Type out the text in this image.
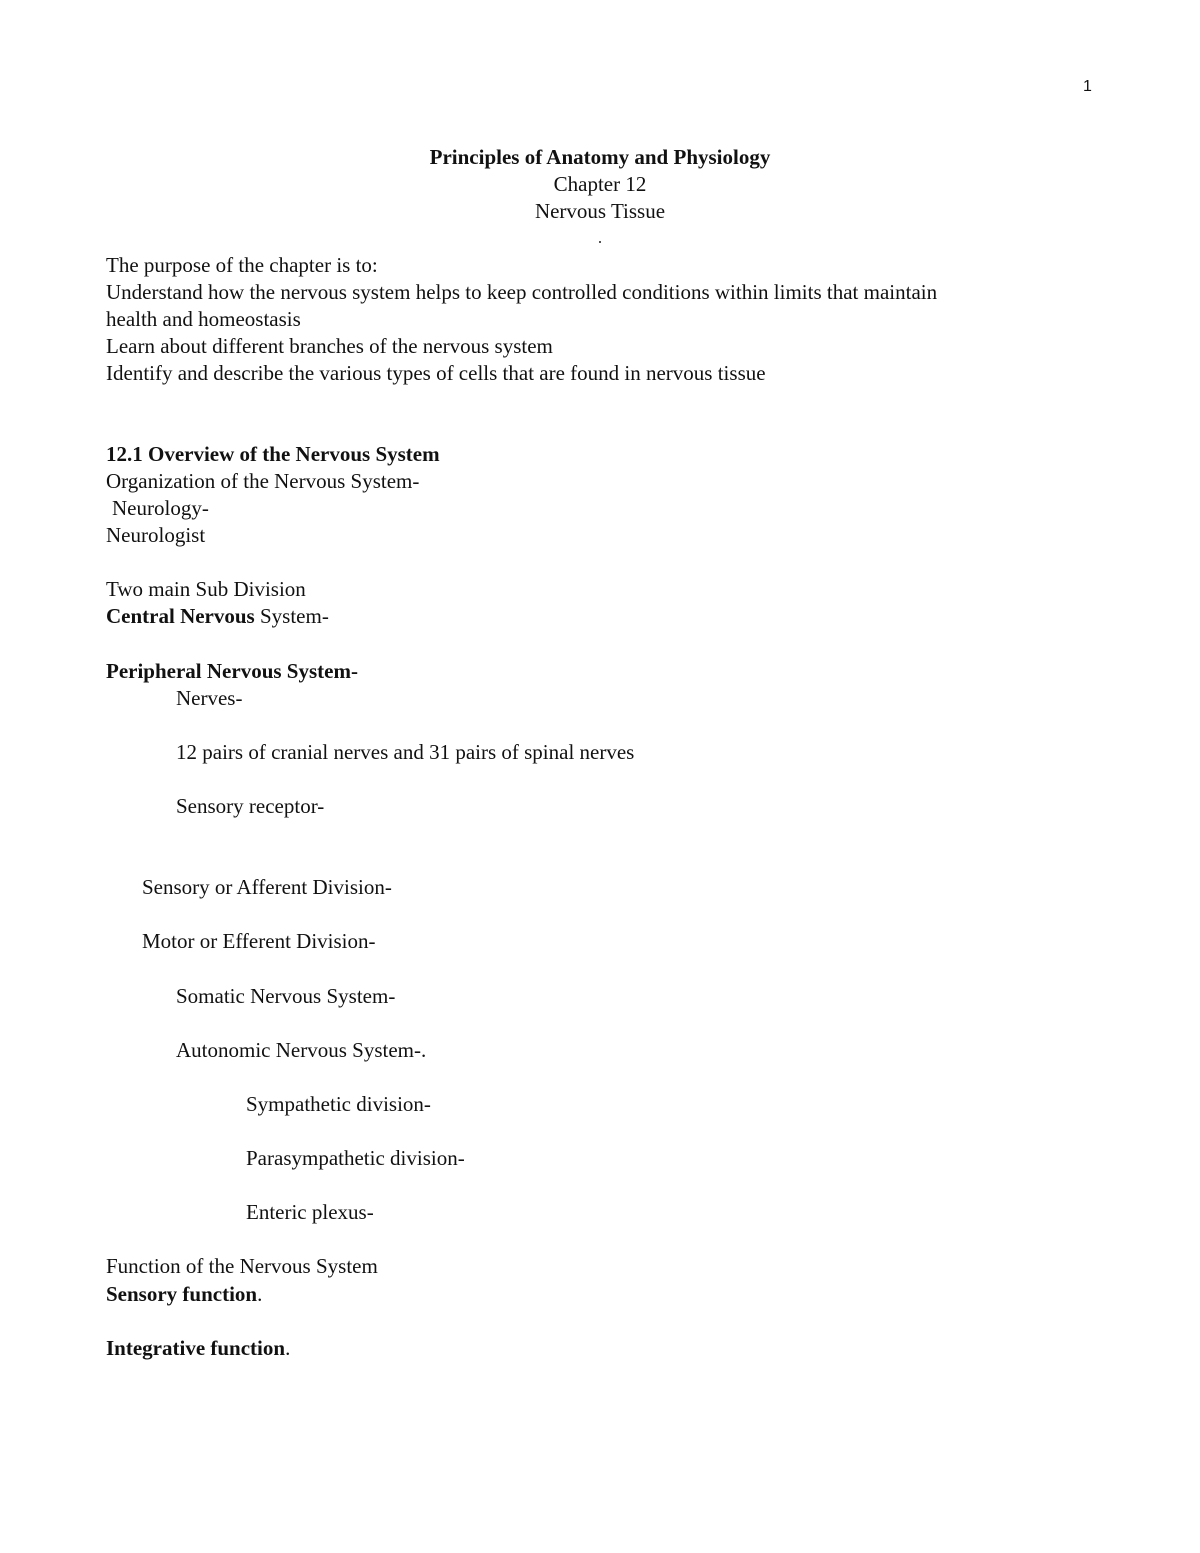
1
Principles of Anatomy and Physiology
Chapter 12
Nervous Tissue
The purpose of the chapter is to:
Understand how the nervous system helps to keep controlled conditions within limits that maintain
health and homeostasis
Learn about different branches of the nervous system
Identify and describe the various types of cells that are found in nervous tissue
12.1 Overview of the Nervous System
Organization of the Nervous System-
Neurology-
Neurologist
Two main Sub Division
Central Nervous System-
Peripheral Nervous System-
Nerves-
12 pairs of cranial nerves and 31 pairs of spinal nerves
Sensory receptor-
Sensory or Afferent Division-
Motor or Efferent Division-
Somatic Nervous System-
Autonomic Nervous System-.
Sympathetic division-
Parasympathetic division-
Enteric plexus-
Function of the Nervous System
Sensory function.
Integrative function.
